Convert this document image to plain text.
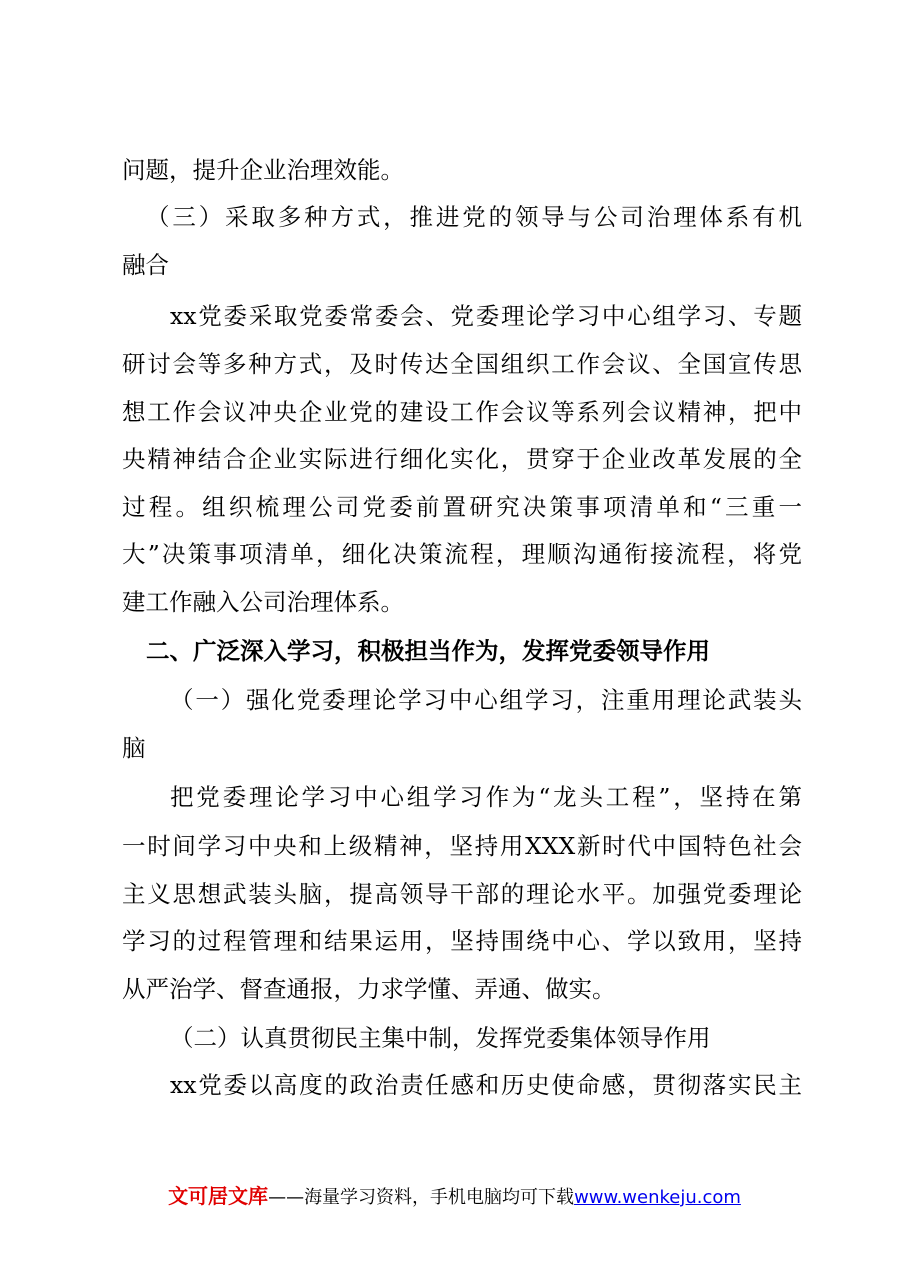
问题，提升企业治理效能。
（三）采取多种方式，推进党的领导与公司治理体系有机
融合
xx党委采取党委常委会、党委理论学习中心组学习、专题
研讨会等多种方式，及时传达全国组织工作会议、全国宣传思
想工作会议冲央企业党的建设工作会议等系列会议精神，把中
央精神结合企业实际进行细化实化，贯穿于企业改革发展的全
过程。组织梳理公司党委前置研究决策事项清单和“三重一
大”决策事项清单，细化决策流程，理顺沟通衔接流程，将党
建工作融入公司治理体系。
二、广泛深入学习，积极担当作为，发挥党委领导作用
（一）强化党委理论学习中心组学习，注重用理论武装头
脑
把党委理论学习中心组学习作为“龙头工程”，坚持在第
一时间学习中央和上级精神，坚持用XXX新时代中国特色社会
主义思想武装头脑，提高领导干部的理论水平。加强党委理论
学习的过程管理和结果运用，坚持围绕中心、学以致用，坚持
从严治学、督查通报，力求学懂、弄通、做实。
（二）认真贯彻民主集中制，发挥党委集体领导作用
xx党委以高度的政治责任感和历史使命感，贯彻落实民主
文可居文库——海量学习资料，手机电脑均可下载www.wenkeju.com
